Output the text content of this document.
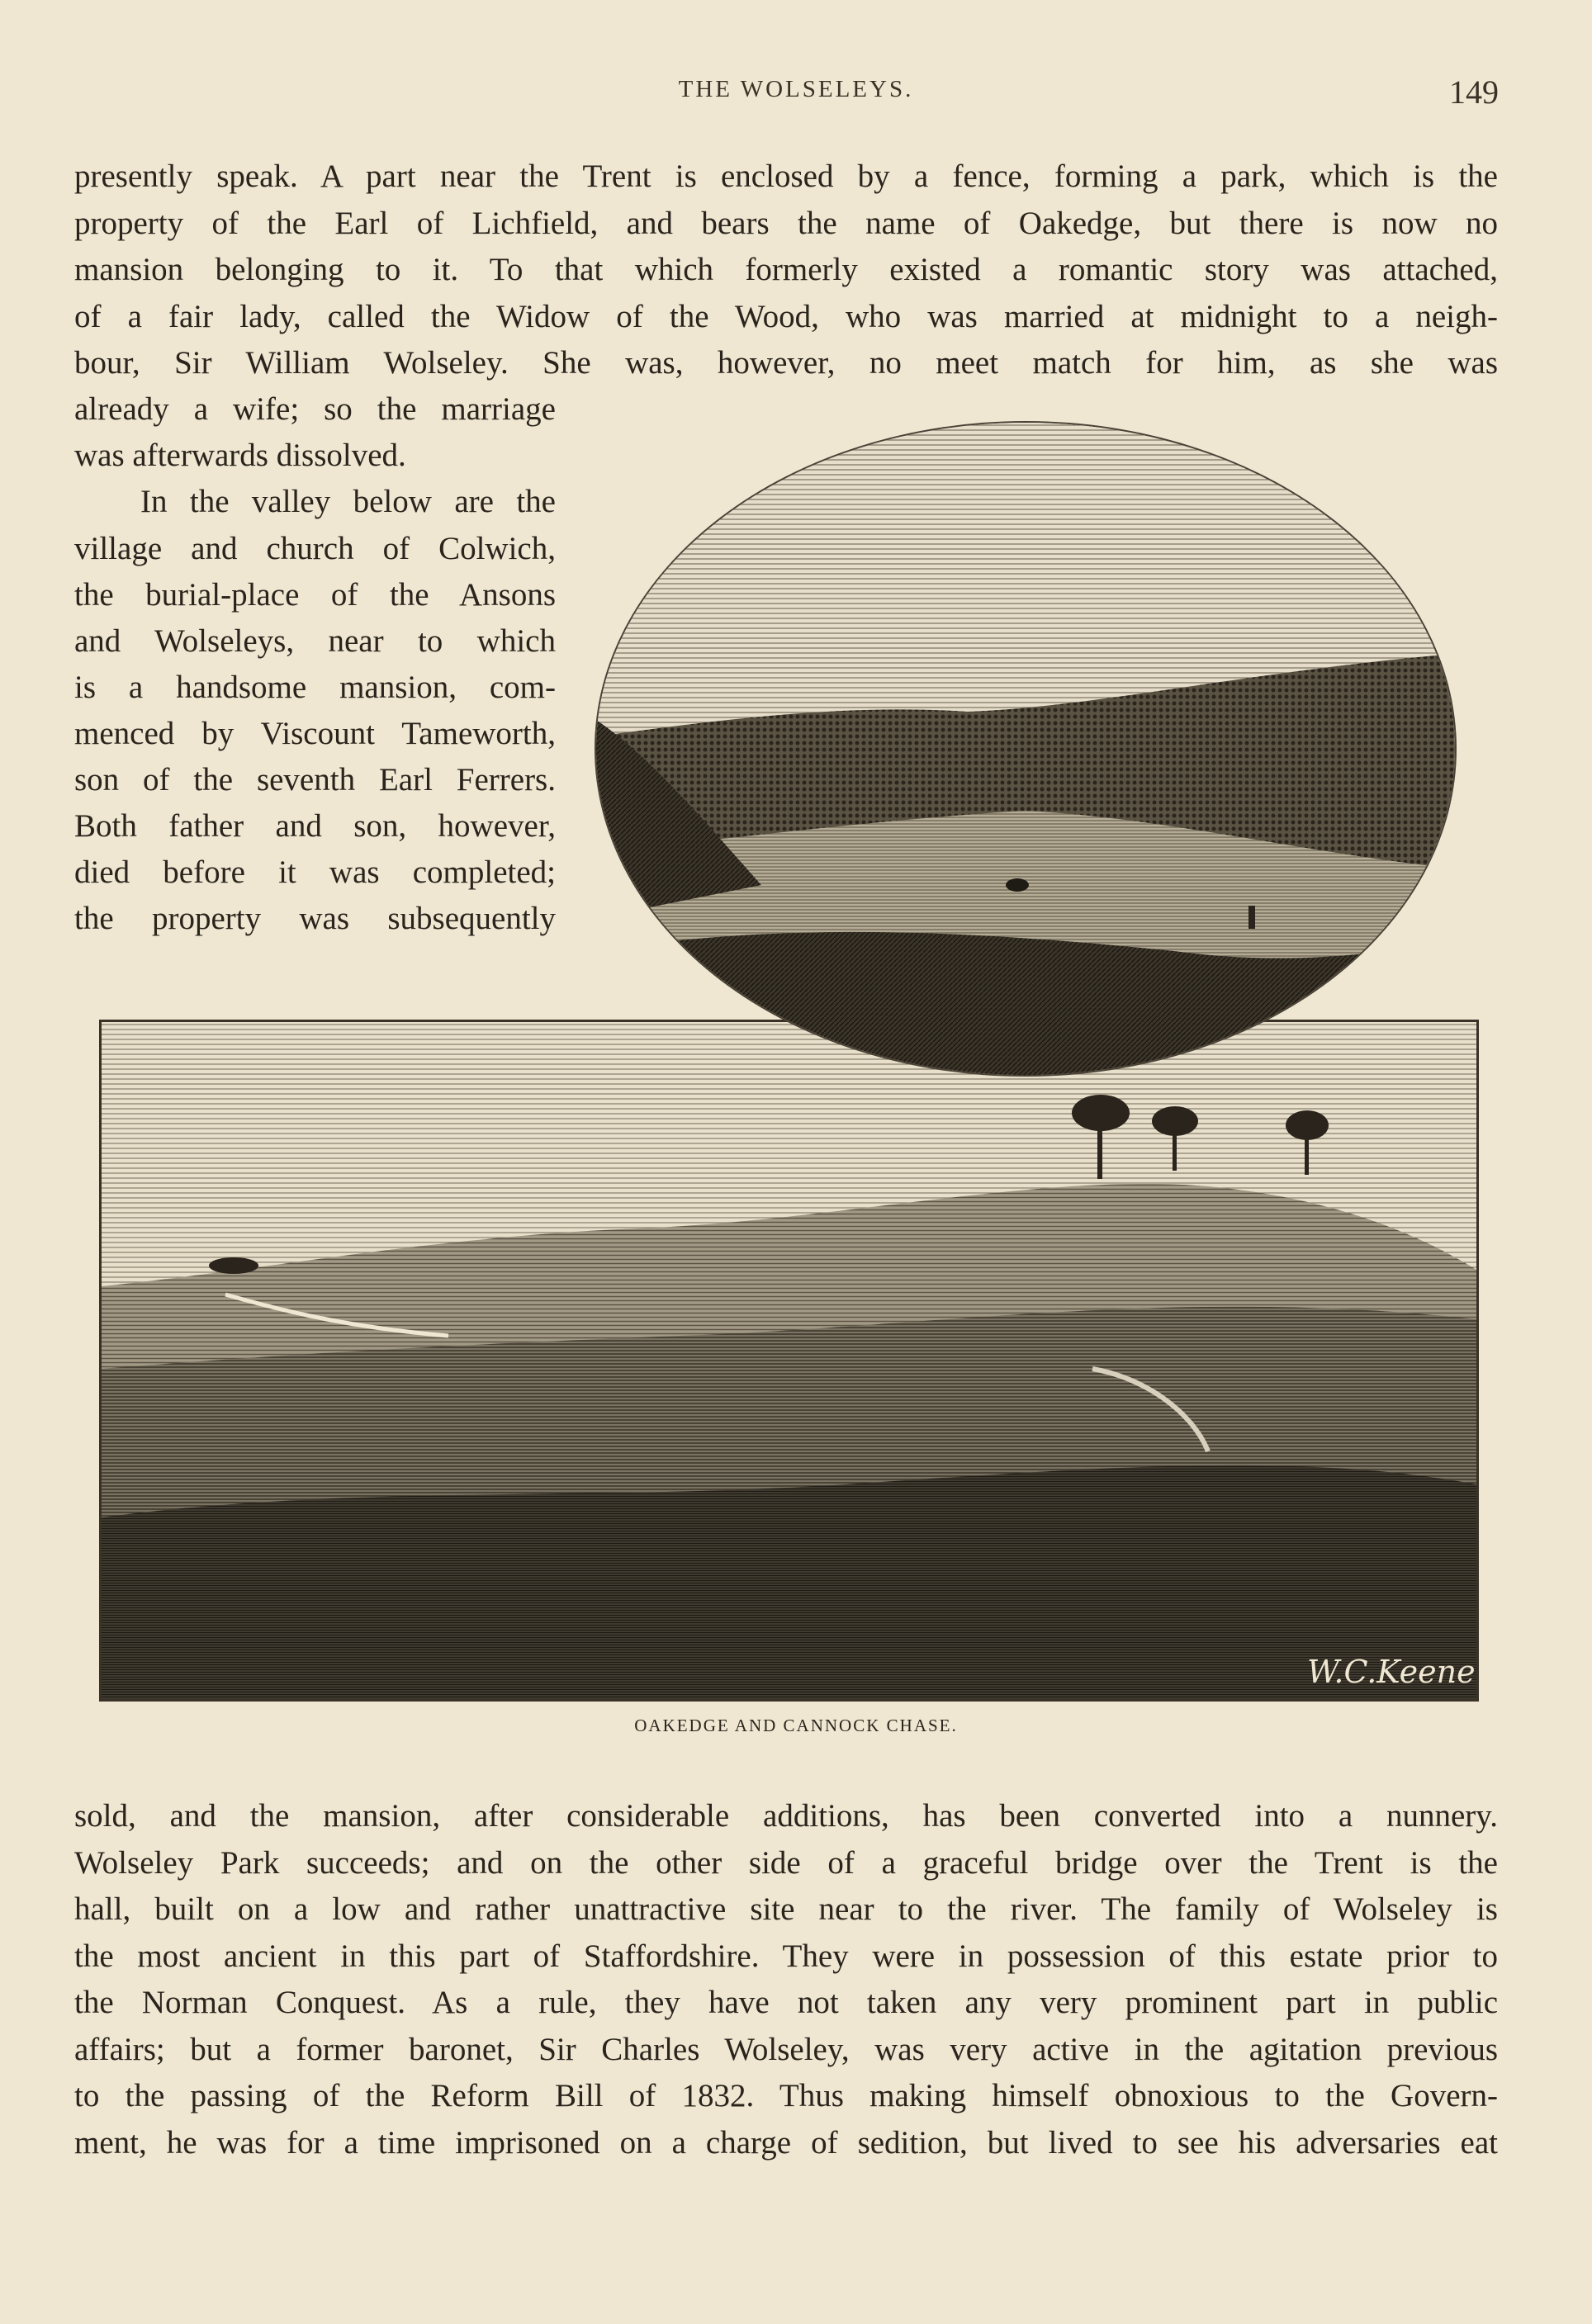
THE WOLSELEYS.	149
presently speak. A part near the Trent is enclosed by a fence, forming a park, which is the
property of the Earl of Lichfield, and bears the name of Oakedge, but there is now no
mansion belonging to it. To that which formerly existed a romantic story was attached,
of a fair lady, called the Widow of the Wood, who was married at midnight to a neigh-
bour, Sir William Wolseley. She was, however, no meet match for him, as she was
already a wife; so the marriage
was afterwards dissolved.
In the valley below are the
village and church of Colwich,
the burial-place of the Ansons
and Wolseleys, near to which
is a handsome mansion, com-
menced by Viscount Tameworth,
son of the seventh Earl Ferrers.
Both father and son, however,
died before it was completed;
the property was subsequently
W.C.Keene
OAKEDGE AND CANNOCK CHASE.
sold, and the mansion, after considerable additions, has been converted into a nunnery.
Wolseley Park succeeds; and on the other side of a graceful bridge over the Trent is the
hall, built on a low and rather unattractive site near to the river. The family of Wolseley is
the most ancient in this part of Staffordshire. They were in possession of this estate prior to
the Norman Conquest. As a rule, they have not taken any very prominent part in public
affairs; but a former baronet, Sir Charles Wolseley, was very active in the agitation previous
to the passing of the Reform Bill of 1832. Thus making himself obnoxious to the Govern-
ment, he was for a time imprisoned on a charge of sedition, but lived to see his adversaries eat
